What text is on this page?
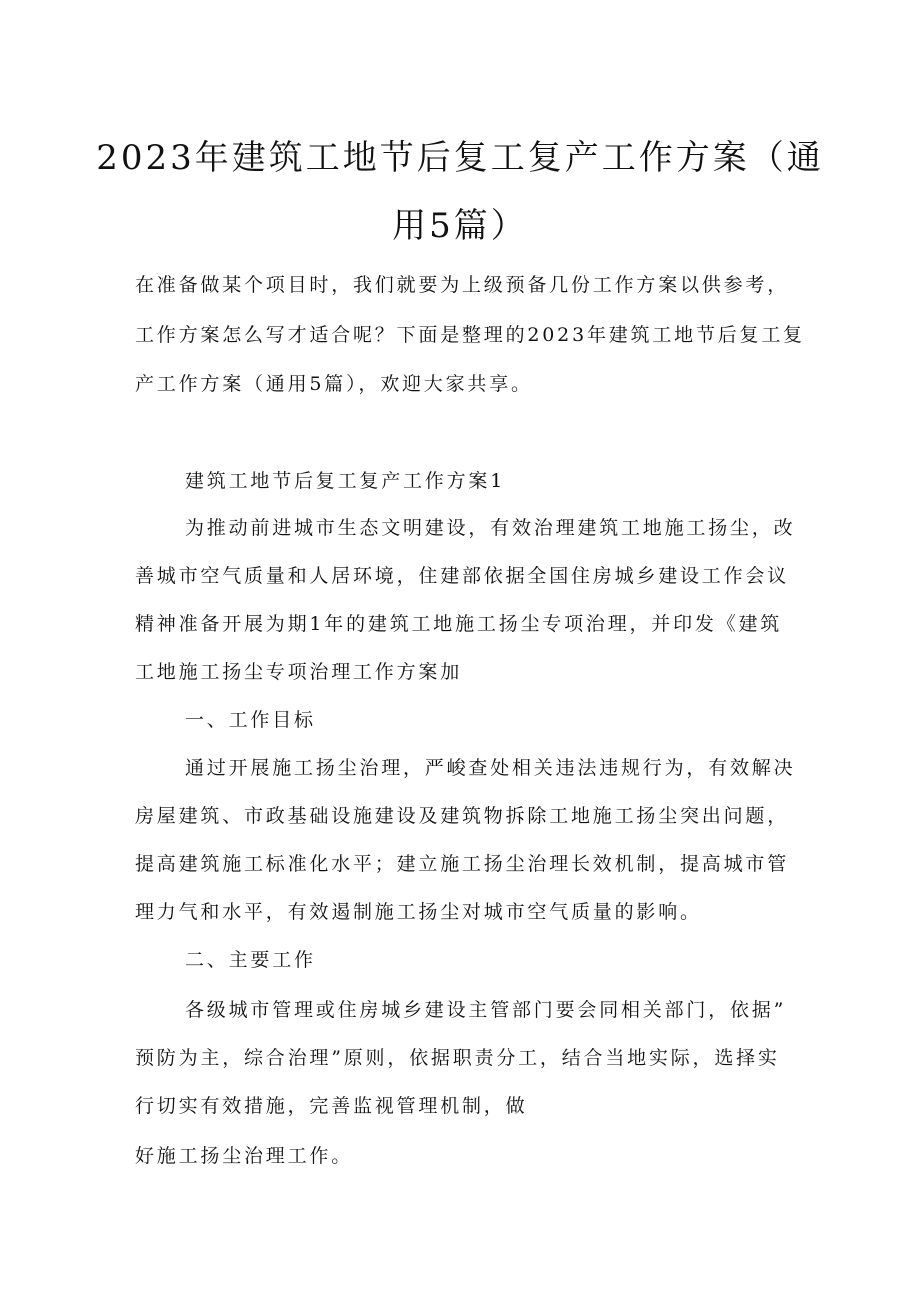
2023年建筑工地节后复工复产工作方案（通
用5篇）

在准备做某个项目时，我们就要为上级预备几份工作方案以供参考，

工作方案怎么写才适合呢？下面是整理的2023年建筑工地节后复工复

产工作方案（通用5篇），欢迎大家共享。

建筑工地节后复工复产工作方案1

为推动前进城市生态文明建设，有效治理建筑工地施工扬尘，改

善城市空气质量和人居环境，住建部依据全国住房城乡建设工作会议

精神准备开展为期1年的建筑工地施工扬尘专项治理，并印发《建筑

工地施工扬尘专项治理工作方案加

一、工作目标

通过开展施工扬尘治理，严峻查处相关违法违规行为，有效解决

房屋建筑、市政基础设施建设及建筑物拆除工地施工扬尘突出问题，

提高建筑施工标准化水平；建立施工扬尘治理长效机制，提高城市管

理力气和水平，有效遏制施工扬尘对城市空气质量的影响。

二、主要工作

各级城市管理或住房城乡建设主管部门要会同相关部门，依据”

预防为主，综合治理”原则，依据职责分工，结合当地实际，选择实

行切实有效措施，完善监视管理机制，做

好施工扬尘治理工作。
